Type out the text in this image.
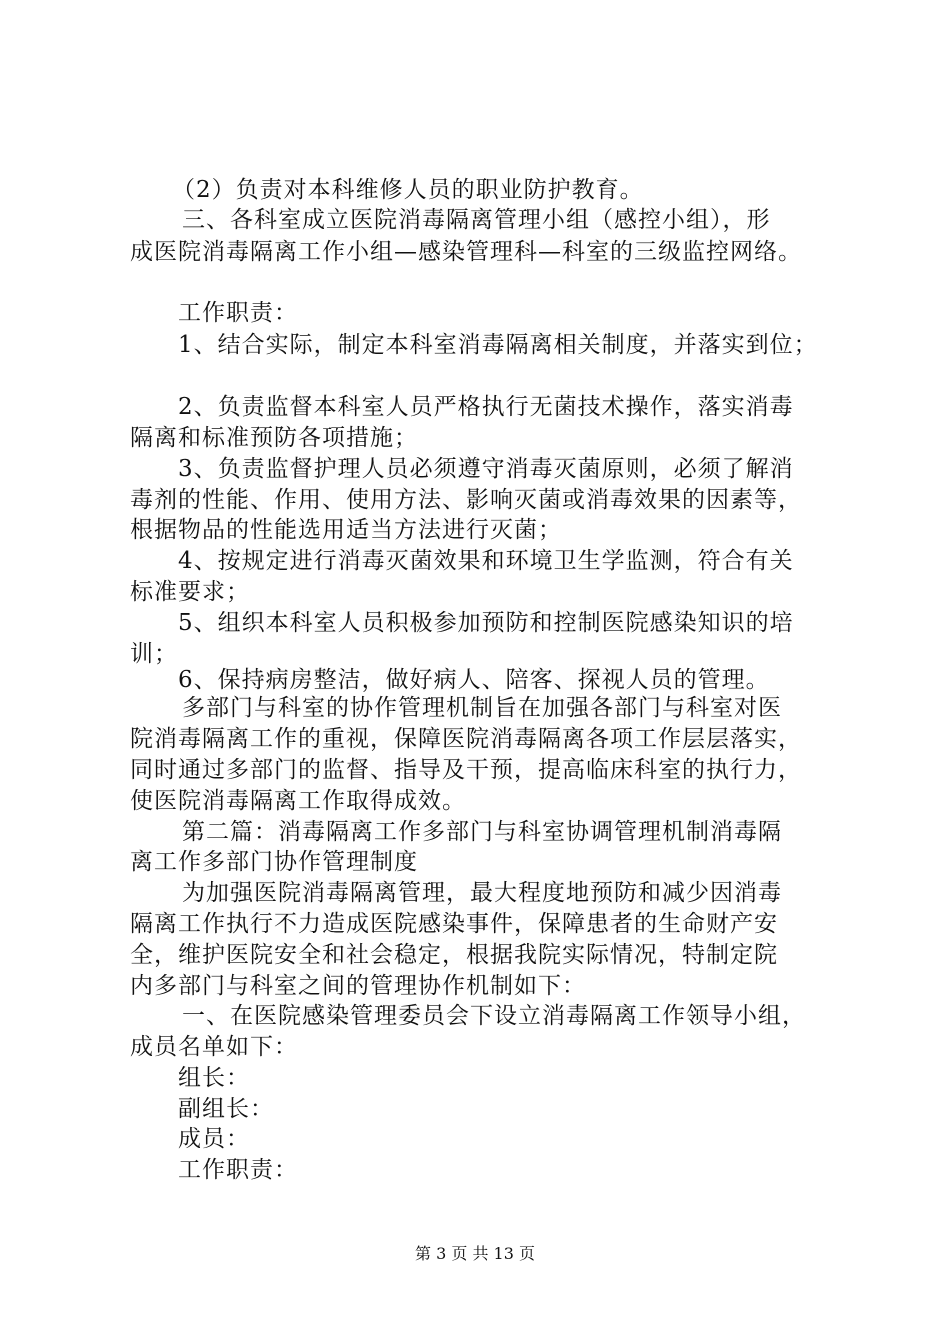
（2）负责对本科维修人员的职业防护教育。
三、各科室成立医院消毒隔离管理小组（感控小组），形
成医院消毒隔离工作小组—感染管理科—科室的三级监控网络。
工作职责：
1、结合实际，制定本科室消毒隔离相关制度，并落实到位；
2、负责监督本科室人员严格执行无菌技术操作，落实消毒
隔离和标准预防各项措施；
3、负责监督护理人员必须遵守消毒灭菌原则，必须了解消
毒剂的性能、作用、使用方法、影响灭菌或消毒效果的因素等，
根据物品的性能选用适当方法进行灭菌；
4、按规定进行消毒灭菌效果和环境卫生学监测，符合有关
标准要求；
5、组织本科室人员积极参加预防和控制医院感染知识的培
训；
6、保持病房整洁，做好病人、陪客、探视人员的管理。
多部门与科室的协作管理机制旨在加强各部门与科室对医
院消毒隔离工作的重视，保障医院消毒隔离各项工作层层落实，
同时通过多部门的监督、指导及干预，提高临床科室的执行力，
使医院消毒隔离工作取得成效。
第二篇：消毒隔离工作多部门与科室协调管理机制消毒隔
离工作多部门协作管理制度
为加强医院消毒隔离管理，最大程度地预防和减少因消毒
隔离工作执行不力造成医院感染事件，保障患者的生命财产安
全，维护医院安全和社会稳定，根据我院实际情况，特制定院
内多部门与科室之间的管理协作机制如下：
一、在医院感染管理委员会下设立消毒隔离工作领导小组，
成员名单如下：
组长：
副组长：
成员：
工作职责：
第 3 页 共 13 页
